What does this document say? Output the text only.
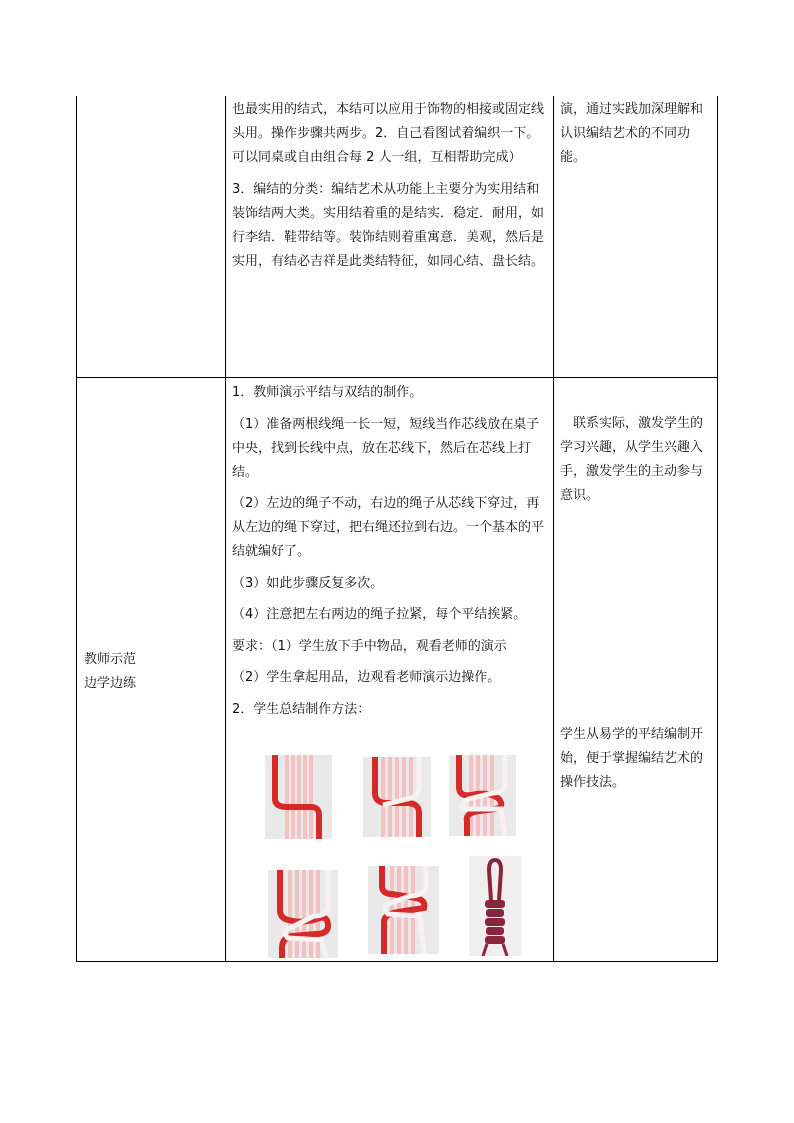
也最实用的结式，本结可以应用于饰物的相接或固定线头用。操作步骤共两步。2．自己看图试着编织一下。可以同桌或自由组合每 2 人一组，互相帮助完成）

3．编结的分类：编结艺术从功能上主要分为实用结和装饰结两大类。实用结着重的是结实．稳定．耐用，如行李结．鞋带结等。装饰结则着重寓意．美观，然后是实用，有结必吉祥是此类结特征，如同心结、盘长结。

演，通过实践加深理解和认识编结艺术的不同功能。

教师示范
边学边练

1．教师演示平结与双结的制作。

（1）准备两根线绳一长一短，短线当作芯线放在桌子中央，找到长线中点，放在芯线下，然后在芯线上打结。

（2）左边的绳子不动，右边的绳子从芯线下穿过，再从左边的绳下穿过，把右绳还拉到右边。一个基本的平结就编好了。

（3）如此步骤反复多次。

（4）注意把左右两边的绳子拉紧，每个平结挨紧。

要求：（1）学生放下手中物品，观看老师的演示

（2）学生拿起用品，边观看老师演示边操作。

2．学生总结制作方法：

　联系实际，激发学生的学习兴趣，从学生兴趣入手，激发学生的主动参与意识。

学生从易学的平结编制开始，便于掌握编结艺术的操作技法。
